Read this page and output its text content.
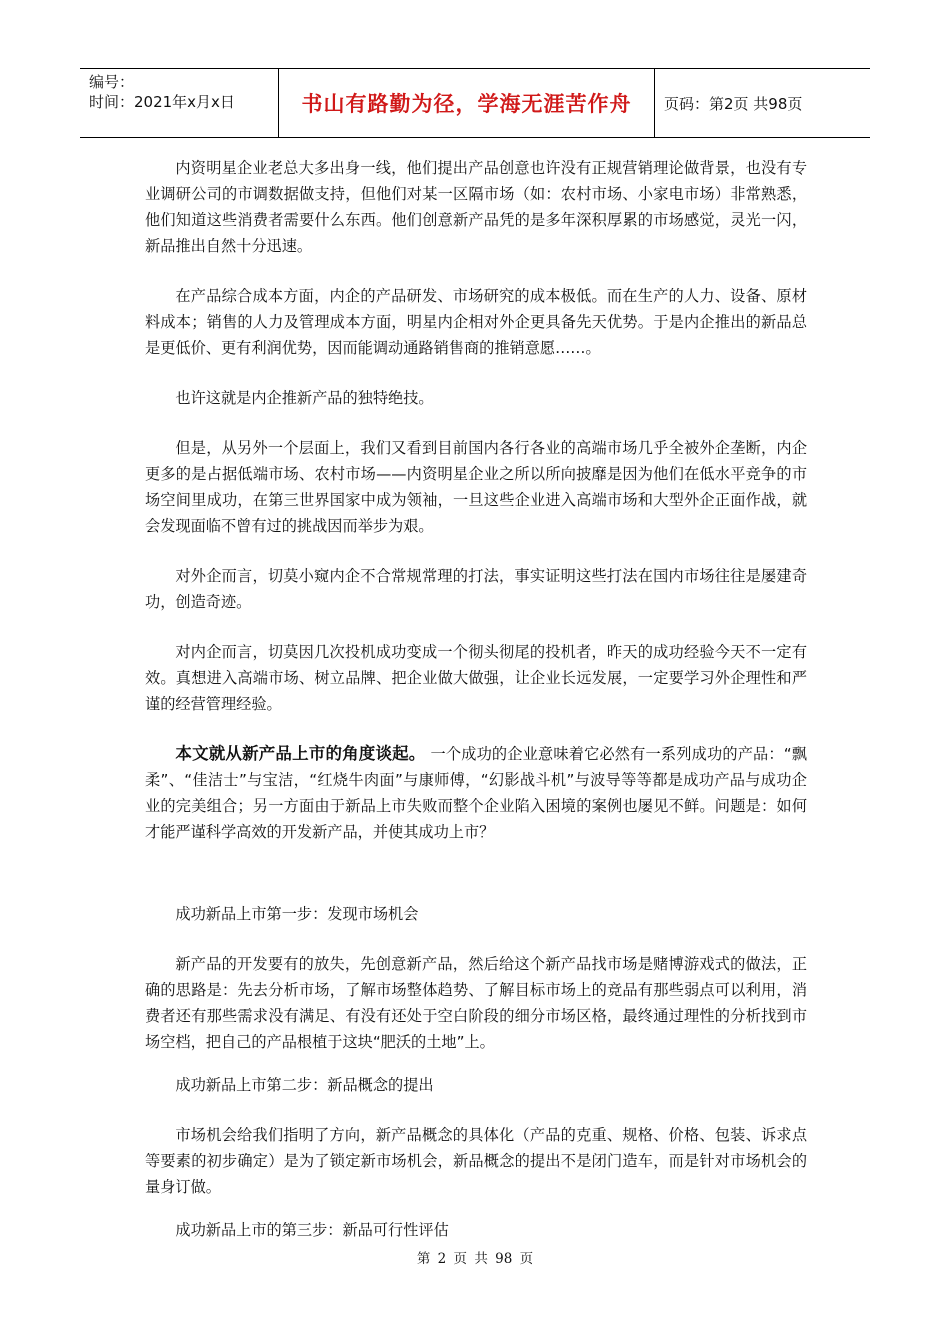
编号：
时间：2021年x月x日	书山有路勤为径，学海无涯苦作舟 页码：第2页 共98页

内资明星企业老总大多出身一线，他们提出产品创意也许没有正规营销理论做背景，也没有专业调研公司的市调数据做支持，但他们对某一区隔市场（如：农村市场、小家电市场）非常熟悉，他们知道这些消费者需要什么东西。他们创意新产品凭的是多年深积厚累的市场感觉，灵光一闪，新品推出自然十分迅速。

在产品综合成本方面，内企的产品研发、市场研究的成本极低。而在生产的人力、设备、原材料成本；销售的人力及管理成本方面，明星内企相对外企更具备先天优势。于是内企推出的新品总是更低价、更有利润优势，因而能调动通路销售商的推销意愿……。

也许这就是内企推新产品的独特绝技。

但是，从另外一个层面上，我们又看到目前国内各行各业的高端市场几乎全被外企垄断，内企更多的是占据低端市场、农村市场——内资明星企业之所以所向披靡是因为他们在低水平竞争的市场空间里成功，在第三世界国家中成为领袖，一旦这些企业进入高端市场和大型外企正面作战，就会发现面临不曾有过的挑战因而举步为艰。

对外企而言，切莫小窥内企不合常规常理的打法，事实证明这些打法在国内市场往往是屡建奇功，创造奇迹。

对内企而言，切莫因几次投机成功变成一个彻头彻尾的投机者，昨天的成功经验今天不一定有效。真想进入高端市场、树立品牌、把企业做大做强，让企业长远发展，一定要学习外企理性和严谨的经营管理经验。

本文就从新产品上市的角度谈起。 一个成功的企业意味着它必然有一系列成功的产品：“飘柔”、“佳洁士”与宝洁，“红烧牛肉面”与康师傅，“幻影战斗机”与波导等等都是成功产品与成功企业的完美组合；另一方面由于新品上市失败而整个企业陷入困境的案例也屡见不鲜。问题是：如何才能严谨科学高效的开发新产品，并使其成功上市？

成功新品上市第一步：发现市场机会

新产品的开发要有的放失，先创意新产品，然后给这个新产品找市场是赌博游戏式的做法，正确的思路是：先去分析市场，了解市场整体趋势、了解目标市场上的竞品有那些弱点可以利用，消费者还有那些需求没有满足、有没有还处于空白阶段的细分市场区格，最终通过理性的分析找到市场空档，把自己的产品根植于这块“肥沃的土地”上。

成功新品上市第二步：新品概念的提出

市场机会给我们指明了方向，新产品概念的具体化（产品的克重、规格、价格、包装、诉求点等要素的初步确定）是为了锁定新市场机会，新品概念的提出不是闭门造车，而是针对市场机会的量身订做。

成功新品上市的第三步：新品可行性评估

第 2 页 共 98 页
